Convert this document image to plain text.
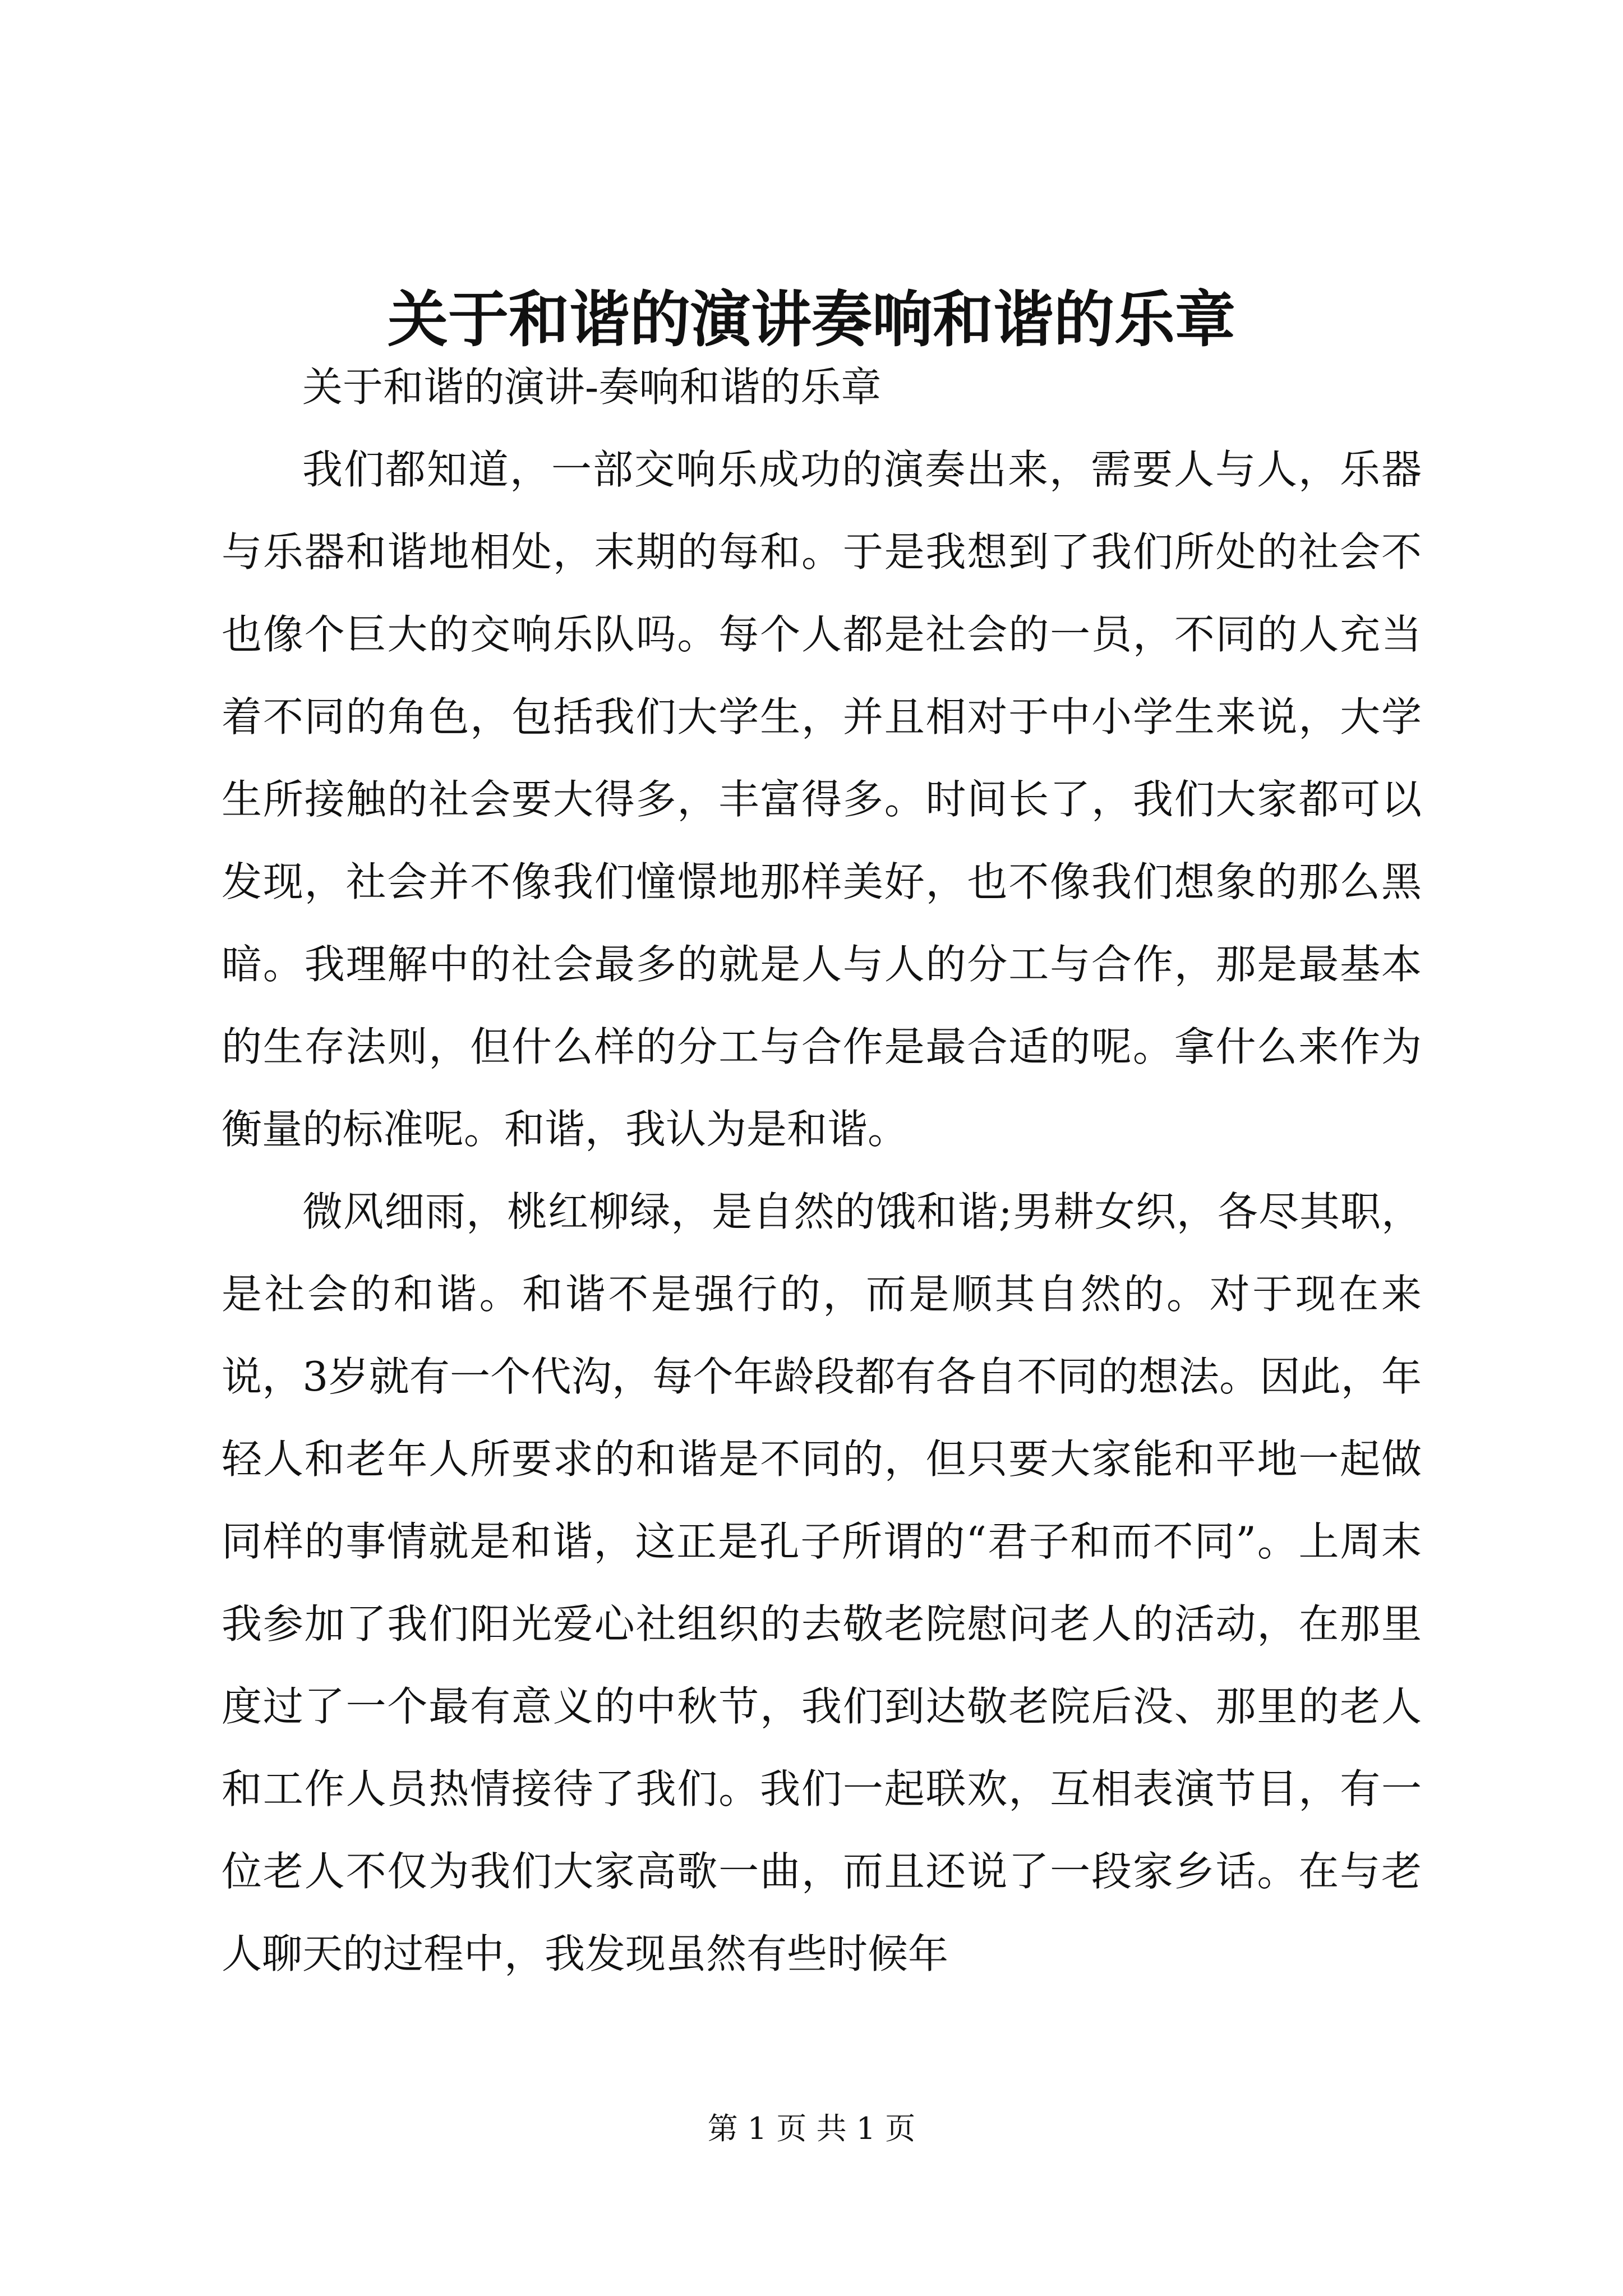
关于和谐的演讲奏响和谐的乐章

关于和谐的演讲-奏响和谐的乐章

我们都知道，一部交响乐成功的演奏出来，需要人与人，乐器与乐器和谐地相处，末期的每和。于是我想到了我们所处的社会不也像个巨大的交响乐队吗。每个人都是社会的一员，不同的人充当着不同的角色，包括我们大学生，并且相对于中小学生来说，大学生所接触的社会要大得多，丰富得多。时间长了，我们大家都可以发现，社会并不像我们憧憬地那样美好，也不像我们想象的那么黑暗。我理解中的社会最多的就是人与人的分工与合作，那是最基本的生存法则，但什么样的分工与合作是最合适的呢。拿什么来作为衡量的标准呢。和谐，我认为是和谐。

微风细雨，桃红柳绿，是自然的饿和谐;男耕女织，各尽其职，是社会的和谐。和谐不是强行的，而是顺其自然的。对于现在来说，3岁就有一个代沟，每个年龄段都有各自不同的想法。因此，年轻人和老年人所要求的和谐是不同的，但只要大家能和平地一起做同样的事情就是和谐，这正是孔子所谓的“君子和而不同”。上周末我参加了我们阳光爱心社组织的去敬老院慰问老人的活动，在那里度过了一个最有意义的中秋节，我们到达敬老院后没、那里的老人和工作人员热情接待了我们。我们一起联欢，互相表演节目，有一位老人不仅为我们大家高歌一曲，而且还说了一段家乡话。在与老人聊天的过程中，我发现虽然有些时候年

第 1 页 共 1 页
